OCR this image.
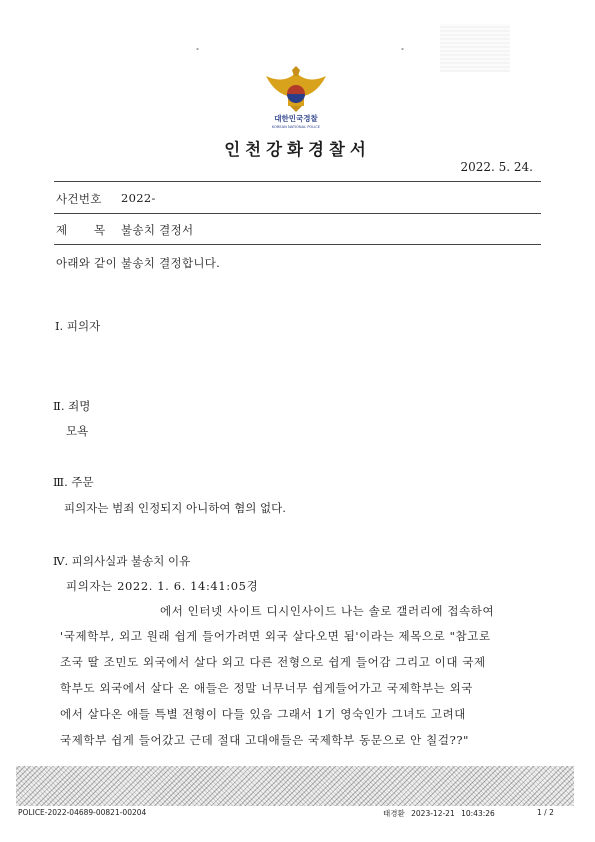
°	°
대한민국경찰
KOREAN NATIONAL POLICE
인천강화경찰서
2022. 5. 24.
사건번호 2022-
제 목 불송치 결정서
아래와 같이 불송치 결정합니다.
Ⅰ. 피의자
Ⅱ. 죄명
모욕
Ⅲ. 주문
피의자는 범죄 인정되지 아니하여 혐의 없다.
Ⅳ. 피의사실과 불송치 이유
피의자는 2022. 1. 6. 14:41:05경
에서 인터넷 사이트 디시인사이드 나는 솔로 갤러리에 접속하여
'국제학부, 외고 원래 쉽게 들어가려면 외국 살다오면 됨'이라는 제목으로 "참고로
조국 딸 조민도 외국에서 살다 외고 다른 전형으로 쉽게 들어감 그리고 이대 국제
학부도 외국에서 살다 온 애들은 정말 너무너무 쉽게들어가고 국제학부는 외국
에서 살다온 애들 특별 전형이 다들 있음 그래서 1기 영숙인가 그녀도 고려대
국제학부 쉽게 들어갔고 근데 절대 고대애들은 국제학부 동문으로 안 칠걸??"
POLICE-2022-04689-00821-00204	태경환 2023-12-21 10:43:26	1 / 2
